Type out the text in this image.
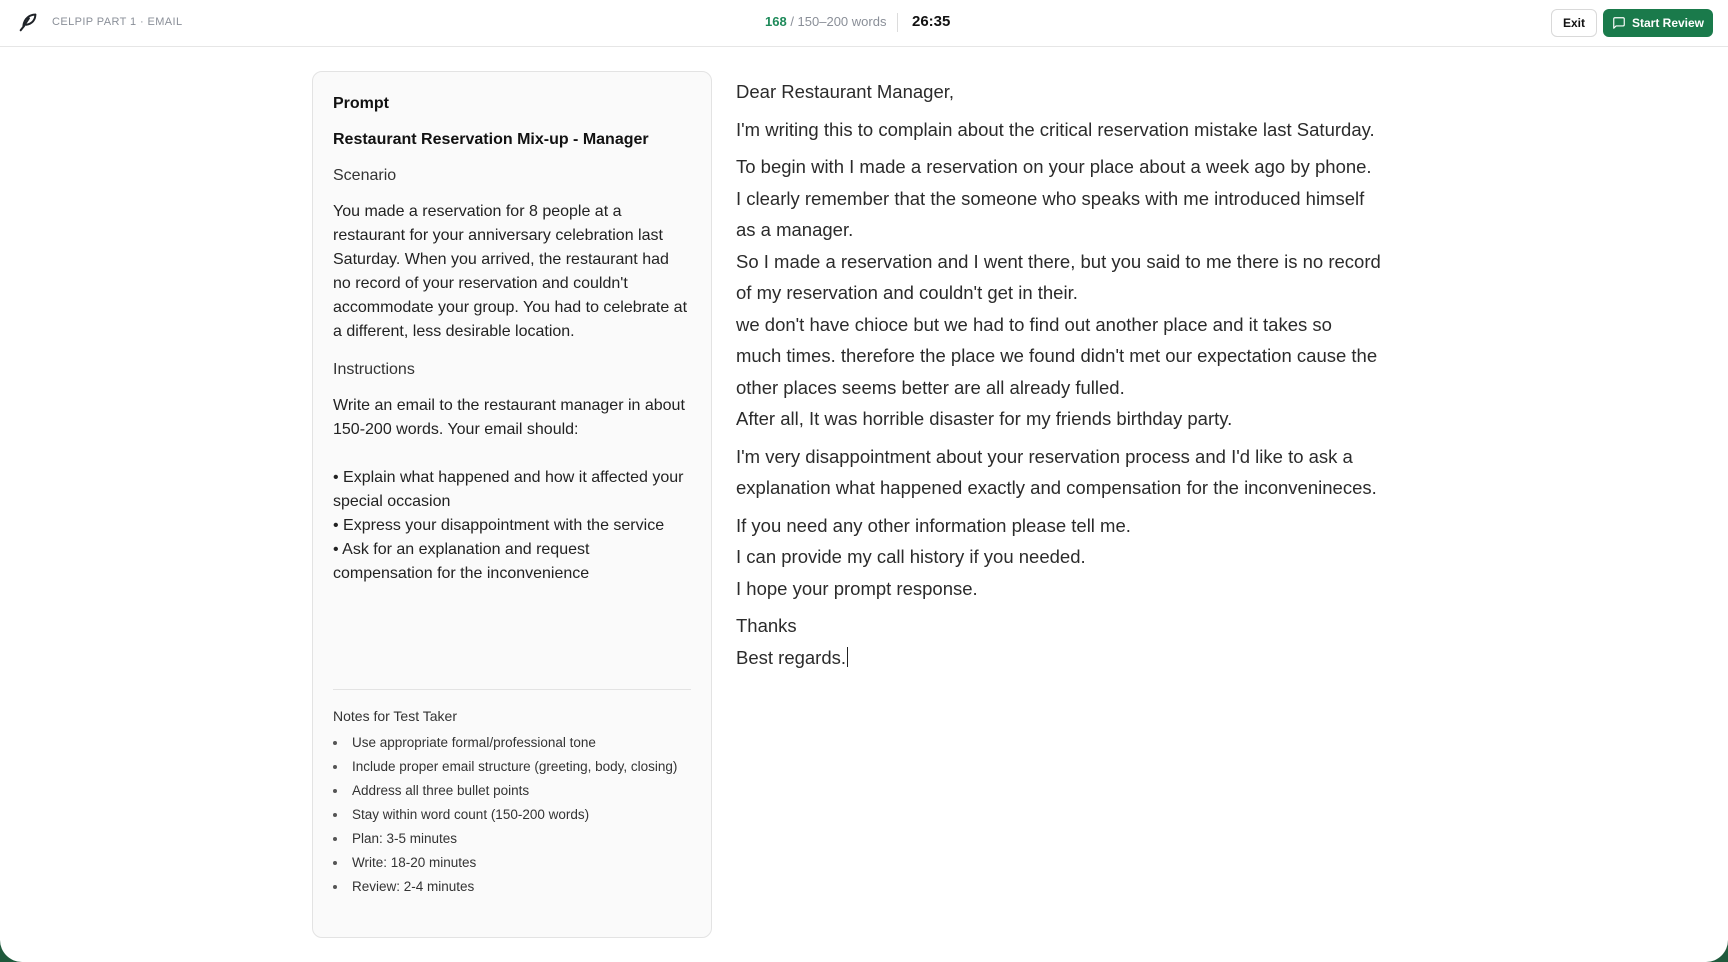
CELPIP PART 1 · EMAIL	168 / 150–200 words 26:35	Exit	Start Review
Prompt
Restaurant Reservation Mix-up - Manager
Scenario
You made a reservation for 8 people at a restaurant for your anniversary celebration last Saturday. When you arrived, the restaurant had no record of your reservation and couldn't accommodate your group. You had to celebrate at a different, less desirable location.
Instructions
Write an email to the restaurant manager in about 150-200 words. Your email should:
• Explain what happened and how it affected your special occasion
• Express your disappointment with the service
• Ask for an explanation and request compensation for the inconvenience
Notes for Test Taker
Use appropriate formal/professional tone
Include proper email structure (greeting, body, closing)
Address all three bullet points
Stay within word count (150-200 words)
Plan: 3-5 minutes
Write: 18-20 minutes
Review: 2-4 minutes
Dear Restaurant Manager,
I'm writing this to complain about the critical reservation mistake last Saturday.
To begin with I made a reservation on your place about a week ago by phone.
I clearly remember that the someone who speaks with me introduced himself
as a manager.
So I made a reservation and I went there, but you said to me there is no record
of my reservation and couldn't get in their.
we don't have chioce but we had to find out another place and it takes so
much times. therefore the place we found didn't met our expectation cause the
other places seems better are all already fulled.
After all, It was horrible disaster for my friends birthday party.
I'm very disappointment about your reservation process and I'd like to ask a
explanation what happened exactly and compensation for the inconvenineces.
If you need any other information please tell me.
I can provide my call history if you needed.
I hope your prompt response.
Thanks
Best regards.
